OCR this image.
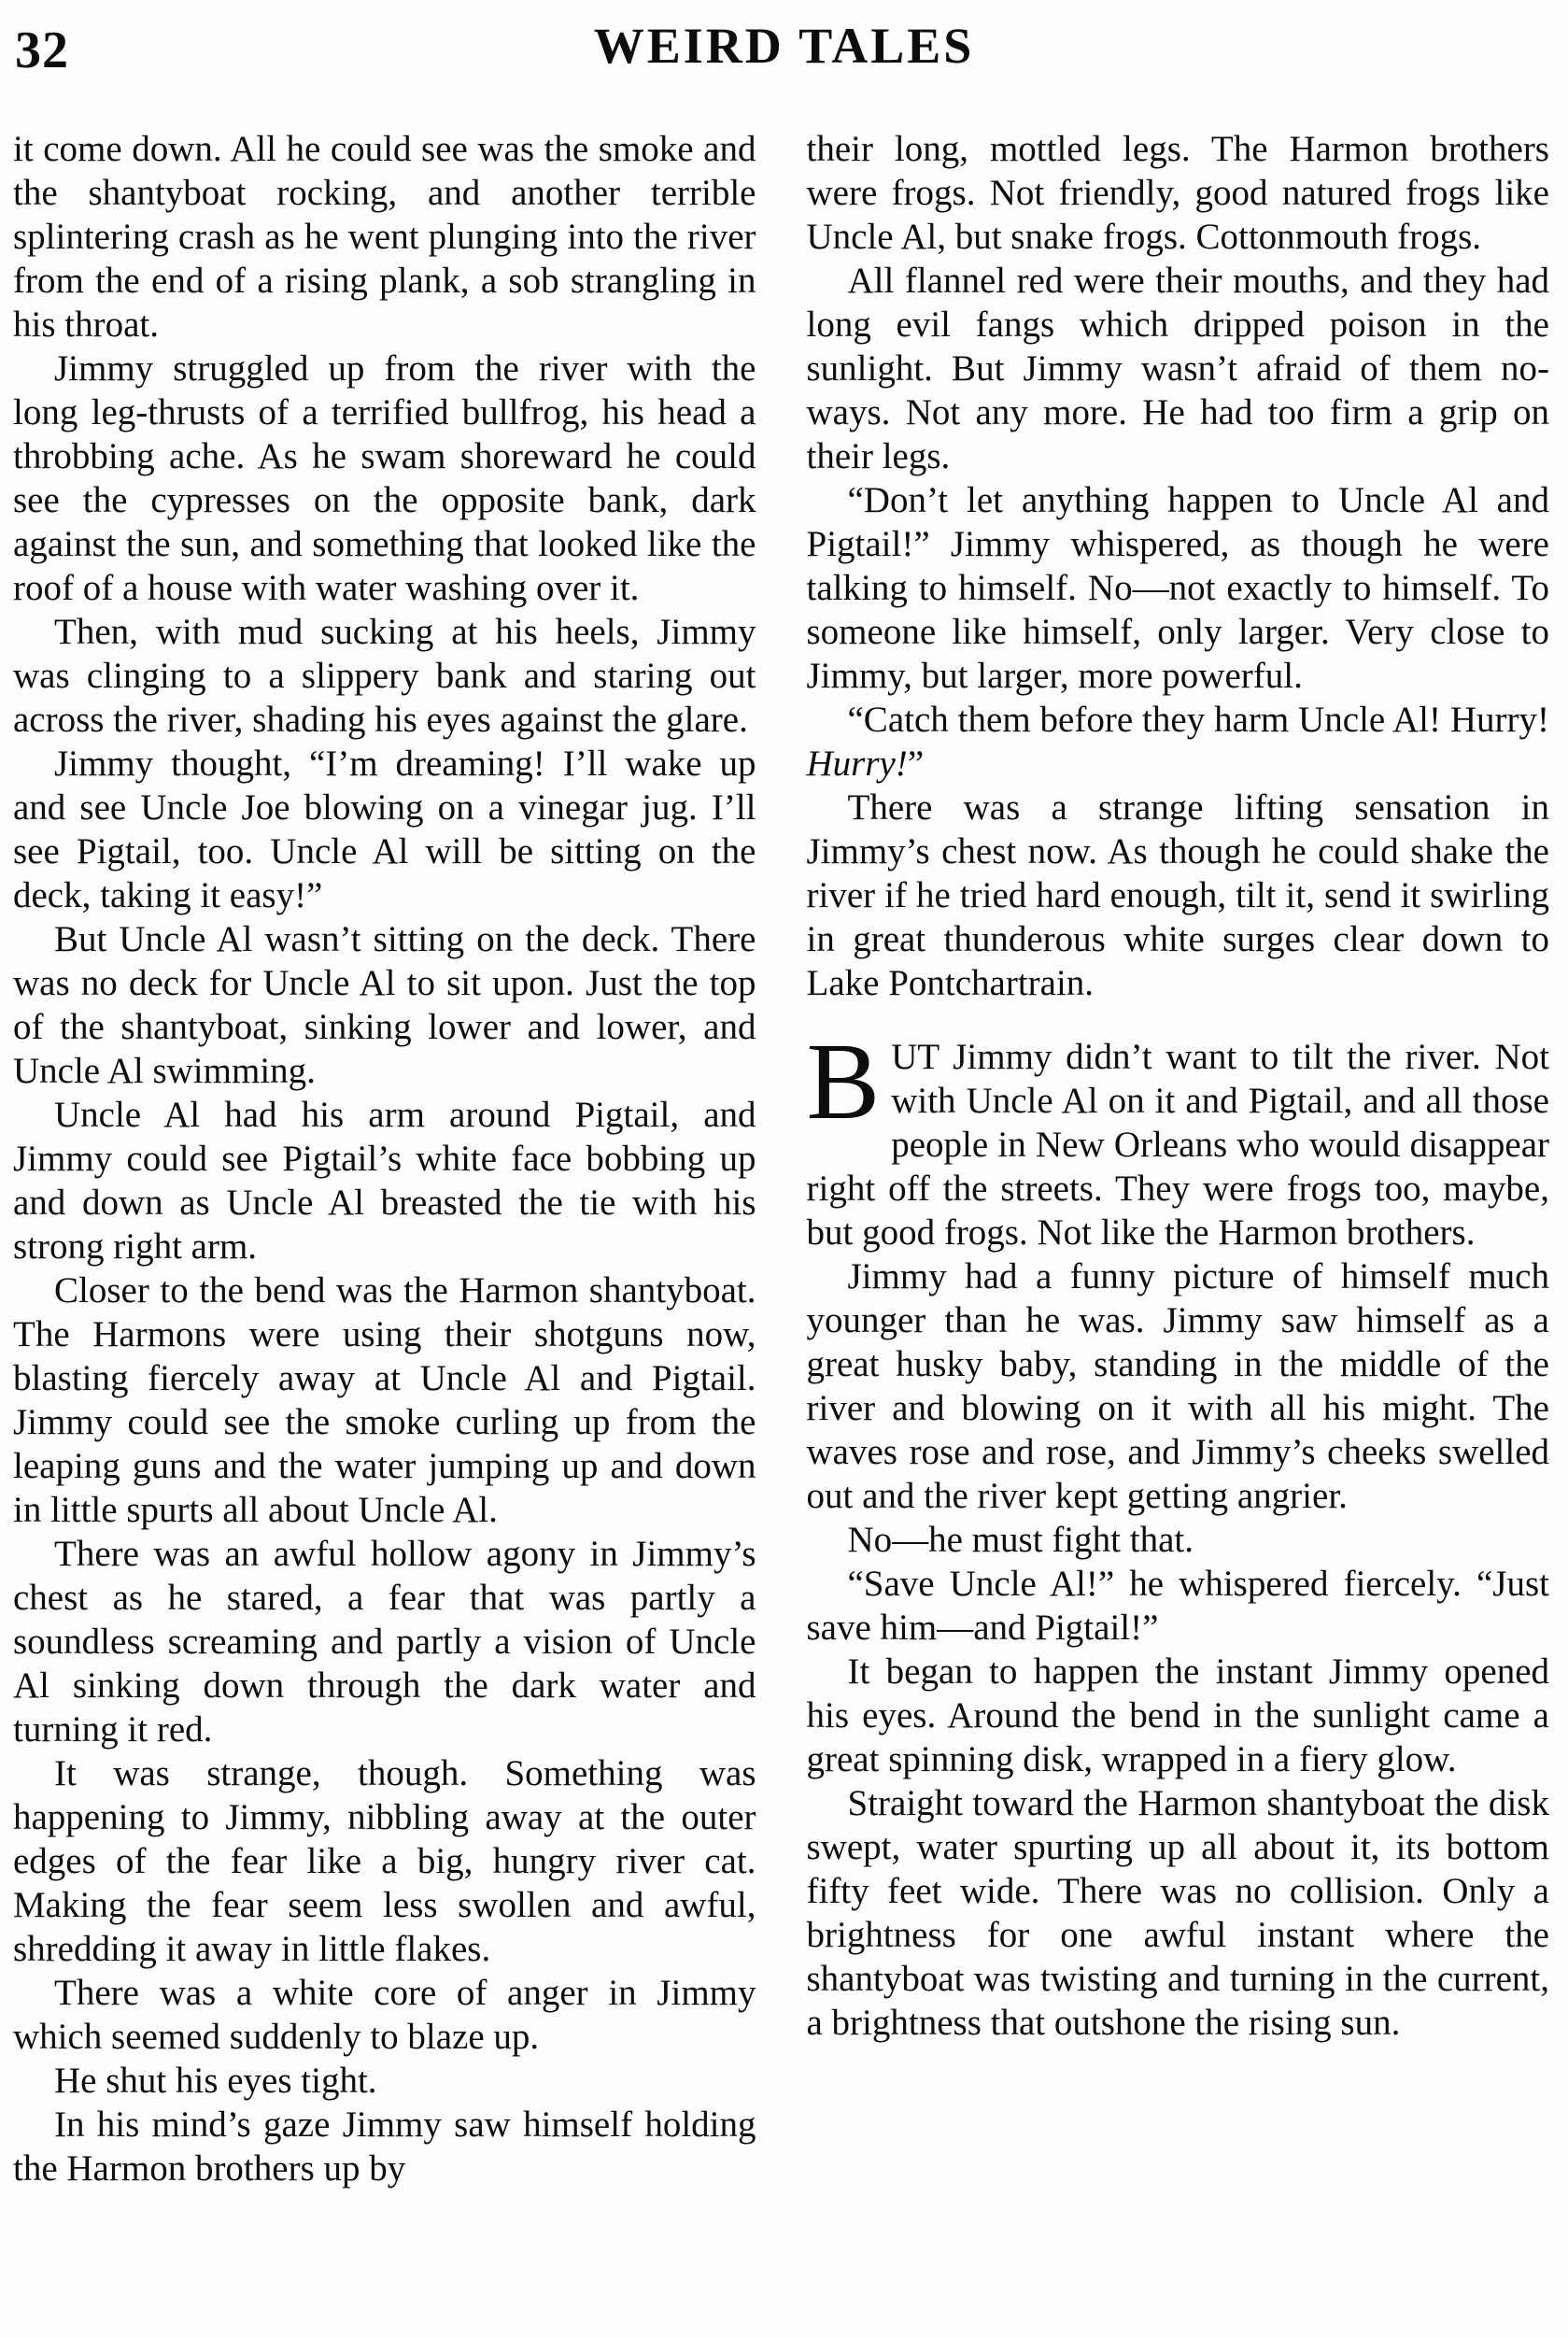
32	WEIRD TALES

it come down. All he could see was the smoke and the shantyboat rocking, and another terrible splintering crash as he went plunging into the river from the end of a rising plank, a sob strangling in his throat.

Jimmy struggled up from the river with the long leg-thrusts of a terrified bullfrog, his head a throbbing ache. As he swam shoreward he could see the cypresses on the opposite bank, dark against the sun, and something that looked like the roof of a house with water washing over it.

Then, with mud sucking at his heels, Jimmy was clinging to a slippery bank and staring out across the river, shading his eyes against the glare.

Jimmy thought, “I’m dreaming! I’ll wake up and see Uncle Joe blowing on a vinegar jug. I’ll see Pigtail, too. Uncle Al will be sitting on the deck, taking it easy!”

But Uncle Al wasn’t sitting on the deck. There was no deck for Uncle Al to sit upon. Just the top of the shantyboat, sinking lower and lower, and Uncle Al swimming.

Uncle Al had his arm around Pigtail, and Jimmy could see Pigtail’s white face bobbing up and down as Uncle Al breasted the tie with his strong right arm.

Closer to the bend was the Harmon shantyboat. The Harmons were using their shotguns now, blasting fiercely away at Uncle Al and Pigtail. Jimmy could see the smoke curling up from the leaping guns and the water jumping up and down in little spurts all about Uncle Al.

There was an awful hollow agony in Jimmy’s chest as he stared, a fear that was partly a soundless screaming and partly a vision of Uncle Al sinking down through the dark water and turning it red.

It was strange, though. Something was happening to Jimmy, nibbling away at the outer edges of the fear like a big, hungry river cat. Making the fear seem less swollen and awful, shredding it away in little flakes.

There was a white core of anger in Jimmy which seemed suddenly to blaze up.

He shut his eyes tight.

In his mind’s gaze Jimmy saw himself holding the Harmon brothers up by

their long, mottled legs. The Harmon brothers were frogs. Not friendly, good natured frogs like Uncle Al, but snake frogs. Cottonmouth frogs.

All flannel red were their mouths, and they had long evil fangs which dripped poison in the sunlight. But Jimmy wasn’t afraid of them no-ways. Not any more. He had too firm a grip on their legs.

“Don’t let anything happen to Uncle Al and Pigtail!” Jimmy whispered, as though he were talking to himself. No—not exactly to himself. To someone like himself, only larger. Very close to Jimmy, but larger, more powerful.

“Catch them before they harm Uncle Al! Hurry! Hurry!”

There was a strange lifting sensation in Jimmy’s chest now. As though he could shake the river if he tried hard enough, tilt it, send it swirling in great thunderous white surges clear down to Lake Pontchartrain.

BUT Jimmy didn’t want to tilt the river. Not with Uncle Al on it and Pigtail, and all those people in New Orleans who would disappear right off the streets. They were frogs too, maybe, but good frogs. Not like the Harmon brothers.

Jimmy had a funny picture of himself much younger than he was. Jimmy saw himself as a great husky baby, standing in the middle of the river and blowing on it with all his might. The waves rose and rose, and Jimmy’s cheeks swelled out and the river kept getting angrier.

No—he must fight that.

“Save Uncle Al!” he whispered fiercely. “Just save him—and Pigtail!”

It began to happen the instant Jimmy opened his eyes. Around the bend in the sunlight came a great spinning disk, wrapped in a fiery glow.

Straight toward the Harmon shantyboat the disk swept, water spurting up all about it, its bottom fifty feet wide. There was no collision. Only a brightness for one awful instant where the shantyboat was twisting and turning in the current, a brightness that outshone the rising sun.
